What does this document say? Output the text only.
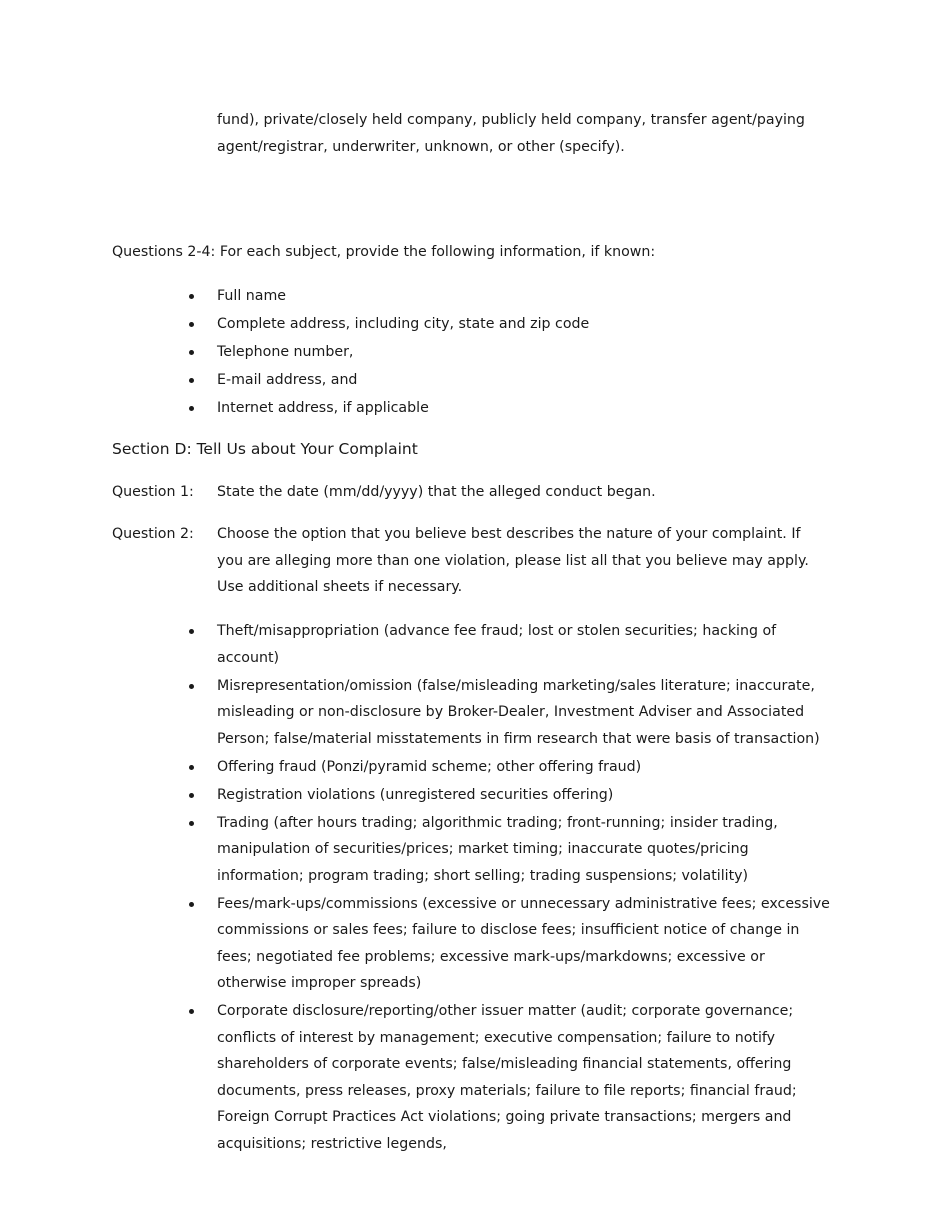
fund), private/closely held company, publicly held company, transfer agent/paying agent/registrar, underwriter, unknown, or other (specify).

Questions 2-4: For each subject, provide the following information, if known:

Full name
Complete address, including city, state and zip code
Telephone number,
E-mail address, and
Internet address, if applicable
Section D: Tell Us about Your Complaint
Question 1: State the date (mm/dd/yyyy) that the alleged conduct began.
Question 2: Choose the option that you believe best describes the nature of your complaint. If you are alleging more than one violation, please list all that you believe may apply. Use additional sheets if necessary.
Theft/misappropriation (advance fee fraud; lost or stolen securities; hacking of account)
Misrepresentation/omission (false/misleading marketing/sales literature; inaccurate, misleading or non-disclosure by Broker-Dealer, Investment Adviser and Associated Person; false/material misstatements in firm research that were basis of transaction)
Offering fraud (Ponzi/pyramid scheme; other offering fraud)
Registration violations (unregistered securities offering)
Trading (after hours trading; algorithmic trading; front-running; insider trading, manipulation of securities/prices; market timing; inaccurate quotes/pricing information; program trading; short selling; trading suspensions; volatility)
Fees/mark-ups/commissions (excessive or unnecessary administrative fees; excessive commissions or sales fees; failure to disclose fees; insufficient notice of change in fees; negotiated fee problems; excessive mark-ups/markdowns; excessive or otherwise improper spreads)
Corporate disclosure/reporting/other issuer matter (audit; corporate governance; conflicts of interest by management; executive compensation; failure to notify shareholders of corporate events; false/misleading financial statements, offering documents, press releases, proxy materials; failure to file reports; financial fraud; Foreign Corrupt Practices Act violations; going private transactions; mergers and acquisitions; restrictive legends,
